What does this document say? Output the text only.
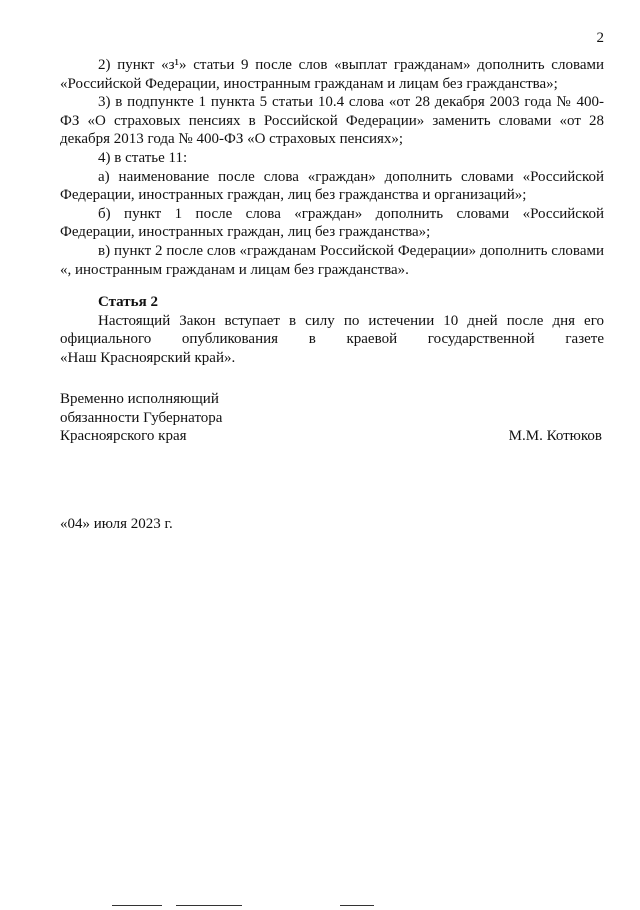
2

2) пункт «з¹» статьи 9 после слов «выплат гражданам» дополнить словами «Российской Федерации, иностранным гражданам и лицам без гражданства»;

3) в подпункте 1 пункта 5 статьи 10.4 слова «от 28 декабря 2003 года № 400-ФЗ «О страховых пенсиях в Российской Федерации» заменить словами «от 28 декабря 2013 года № 400-ФЗ «О страховых пенсиях»;

4) в статье 11:

а) наименование после слова «граждан» дополнить словами «Российской Федерации, иностранных граждан, лиц без гражданства и организаций»;

б) пункт 1 после слова «граждан» дополнить словами «Российской Федерации, иностранных граждан, лиц без гражданства»;

в) пункт 2 после слов «гражданам Российской Федерации» дополнить словами «, иностранным гражданам и лицам без гражданства».

Статья 2

Настоящий Закон вступает в силу по истечении 10 дней после дня его официального опубликования в краевой государственной газете

«Наш Красноярский край».

Временно исполняющий
обязанности Губернатора
Красноярского края	М.М. Котюков
«04» июля 2023 г.
